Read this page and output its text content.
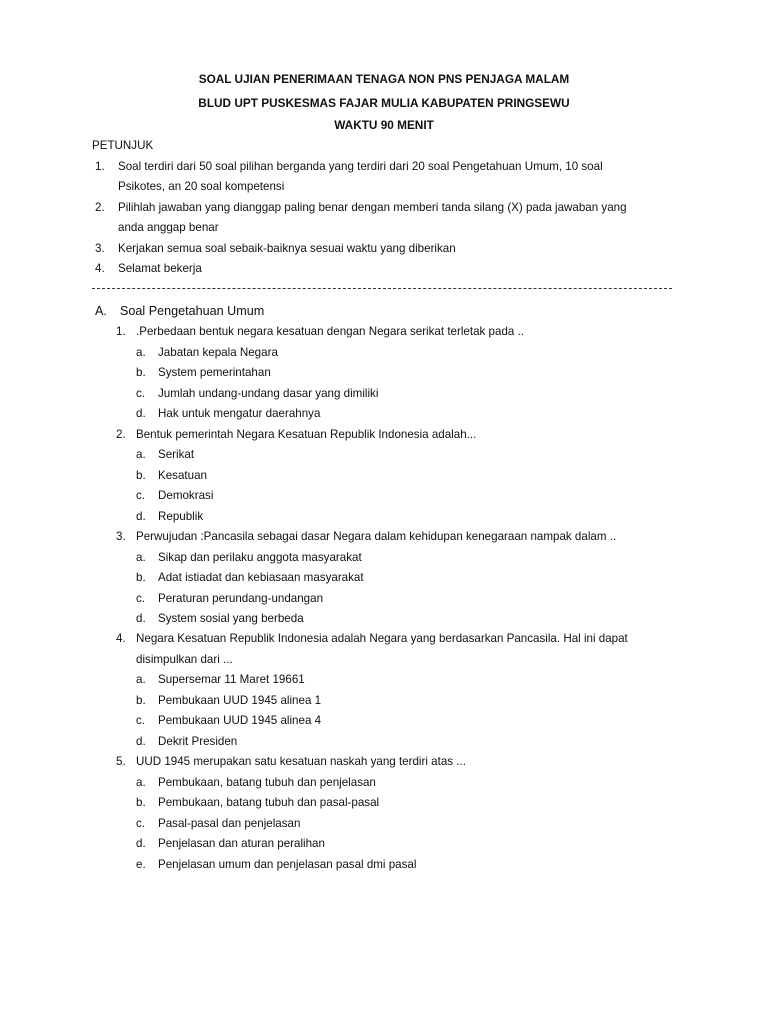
SOAL UJIAN PENERIMAAN TENAGA NON PNS PENJAGA MALAM
BLUD UPT PUSKESMAS FAJAR MULIA KABUPATEN PRINGSEWU
WAKTU 90 MENIT
PETUNJUK
1. Soal terdiri dari 50 soal pilihan berganda yang terdiri dari 20 soal Pengetahuan Umum, 10 soal
Psikotes, an 20 soal kompetensi
2. Pilihlah jawaban yang dianggap paling benar dengan memberi tanda silang (X) pada jawaban yang
anda anggap benar
3. Kerjakan semua soal sebaik-baiknya sesuai waktu yang diberikan
4. Selamat bekerja
A. Soal Pengetahuan Umum
1. .Perbedaan bentuk negara kesatuan dengan Negara serikat terletak pada ..
a. Jabatan kepala Negara
b. System pemerintahan
c. Jumlah undang-undang dasar yang dimiliki
d. Hak untuk mengatur daerahnya
2. Bentuk pemerintah Negara Kesatuan Republik Indonesia adalah...
a. Serikat
b. Kesatuan
c. Demokrasi
d. Republik
3. Perwujudan :Pancasila sebagai dasar Negara dalam kehidupan kenegaraan nampak dalam ..
a. Sikap dan perilaku anggota masyarakat
b. Adat istiadat dan kebiasaan masyarakat
c. Peraturan perundang-undangan
d. System sosial yang berbeda
4. Negara Kesatuan Republik Indonesia adalah Negara yang berdasarkan Pancasila. Hal ini dapat
disimpulkan dari ...
a. Supersemar 11 Maret 19661
b. Pembukaan UUD 1945 alinea 1
c. Pembukaan UUD 1945 alinea 4
d. Dekrit Presiden
5. UUD 1945 merupakan satu kesatuan naskah yang terdiri atas ...
a. Pembukaan, batang tubuh dan penjelasan
b. Pembukaan, batang tubuh dan pasal-pasal
c. Pasal-pasal dan penjelasan
d. Penjelasan dan aturan peralihan
e. Penjelasan umum dan penjelasan pasal dmi pasal
